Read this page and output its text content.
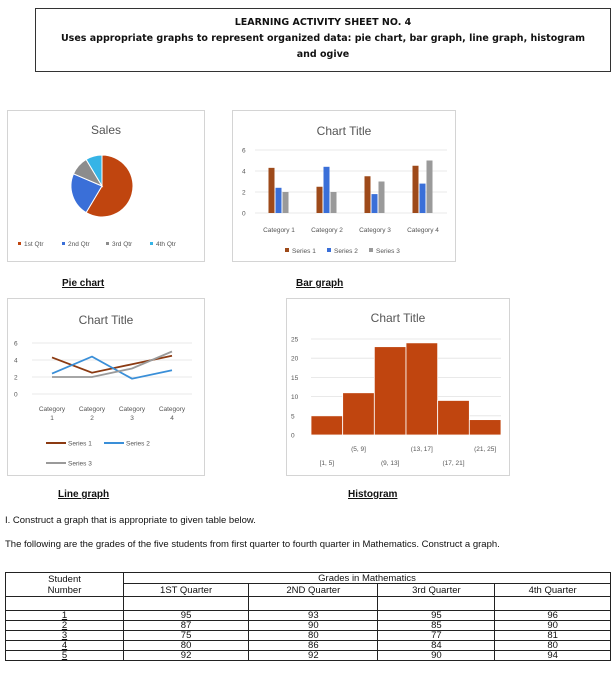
LEARNING ACTIVITY SHEET NO. 4
Uses appropriate graphs to represent organized data: pie chart, bar graph, line graph, histogram and ogive
Sales
1st Qtr	2nd Qtr	3rd Qtr	4th Qtr
Pie chart
Chart Title
0
2
4
6
Category 1 Category 2 Category 3 Category 4
Series 1	Series 2	Series 3
Bar graph
Chart Title
0
2
4
6
Category
1
Category
2
Category
3
Category
4
Series 1	Series 2
Series 3
Line graph
Chart Title
0
5
10
15
20
25
[1, 5]
(5, 9]
(9, 13]
(13, 17]
(17, 21]
(21, 25]
Histogram
I. Construct a graph that is appropriate to given table below.
The following are the grades of the five students from first quarter to fourth quarter in Mathematics. Construct a graph.
Student Number	Grades in Mathematics			
	1ST Quarter	2ND Quarter	3rd Quarter	4th Quarter

1	95	93	95	96
2	87	90	85	90
3	75	80	77	81
4	80	86	84	80
5	92	92	90	94
